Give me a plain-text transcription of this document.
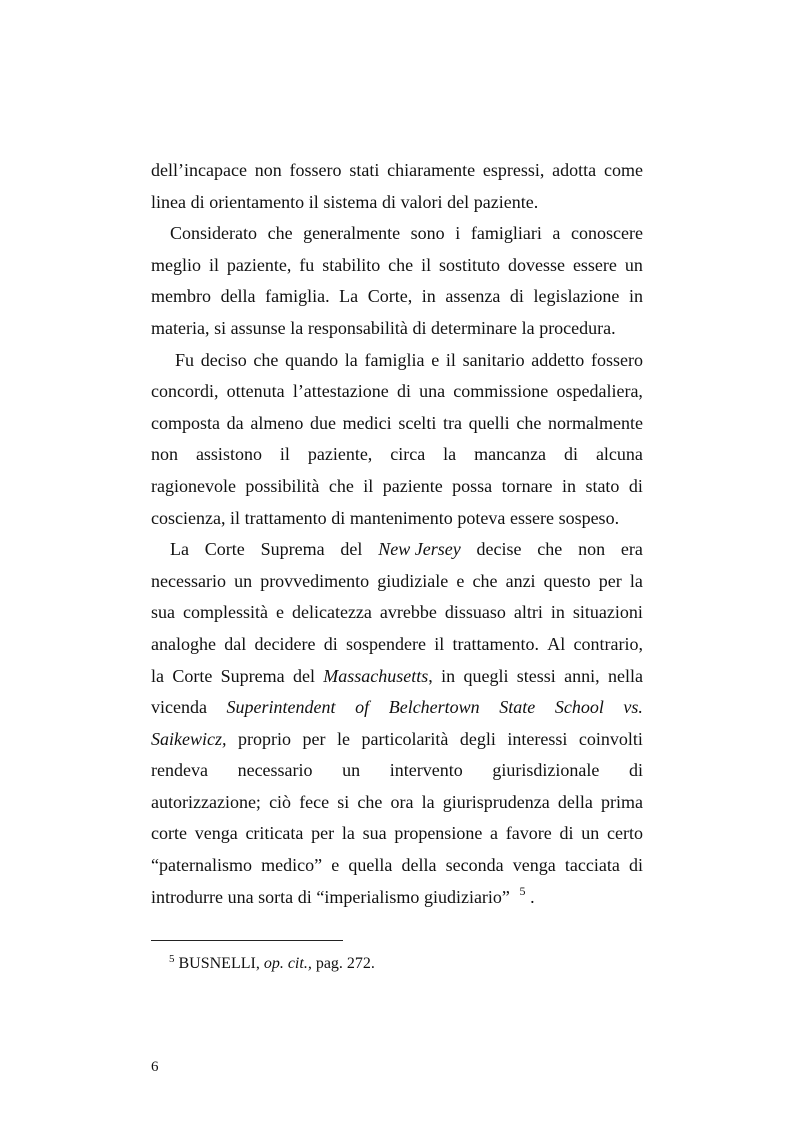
dell’incapace non fossero stati chiaramente espressi, adotta come
linea di orientamento il sistema di valori del paziente.
Considerato che generalmente sono i famigliari a conoscere
meglio il paziente, fu stabilito che il sostituto dovesse essere un
membro della famiglia. La Corte, in assenza di legislazione in
materia, si assunse la responsabilità di determinare la procedura.
Fu deciso che quando la famiglia e il sanitario addetto fossero
concordi, ottenuta l’attestazione di una commissione ospedaliera,
composta da almeno due medici scelti tra quelli che normalmente
non assistono il paziente, circa la mancanza di alcuna
ragionevole possibilità che il paziente possa tornare in stato di
coscienza, il trattamento di mantenimento poteva essere sospeso.
La Corte Suprema del New Jersey decise che non era
necessario un provvedimento giudiziale e che anzi questo per la
sua complessità e delicatezza avrebbe dissuaso altri in situazioni
analoghe dal decidere di sospendere il trattamento. Al contrario,
la Corte Suprema del Massachusetts, in quegli stessi anni, nella
vicenda Superintendent of Belchertown State School vs.
Saikewicz, proprio per le particolarità degli interessi coinvolti
rendeva necessario un intervento giurisdizionale di
autorizzazione; ciò fece si che ora la giurisprudenza della prima
corte venga criticata per la sua propensione a favore di un certo
“paternalismo medico” e quella della seconda venga tacciata di
introdurre una sorta di “imperialismo giudiziario” $^5$ .
$^5$ BUSNELLI, op. cit., pag. 272.
6
